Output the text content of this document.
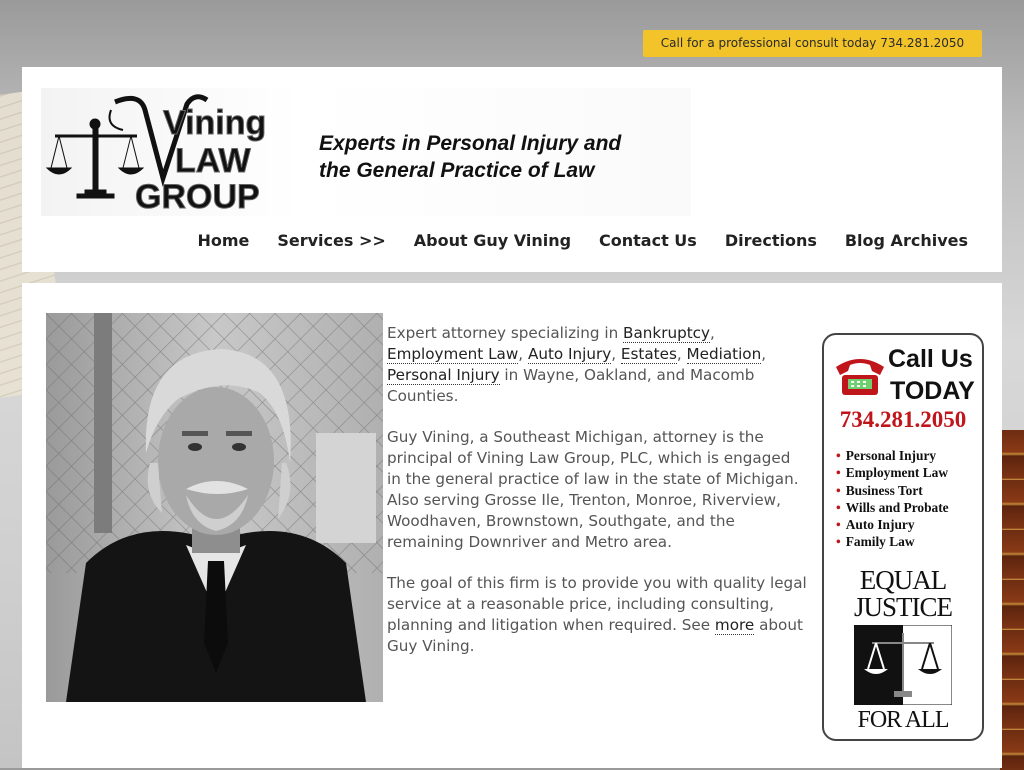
Call for a professional consult today 734.281.2050
Vining
LAW
GROUP
Experts in Personal Injury and
the General Practice of Law
Home Services >> About Guy Vining Contact Us Directions Blog Archives

Expert attorney specializing in Bankruptcy, Employment Law, Auto Injury, Estates, Mediation, Personal Injury in Wayne, Oakland, and Macomb Counties.

Guy Vining, a Southeast Michigan, attorney is the principal of Vining Law Group, PLC, which is engaged in the general practice of law in the state of Michigan. Also serving Grosse Ile, Trenton, Monroe, Riverview, Woodhaven, Brownstown, Southgate, and the remaining Downriver and Metro area.

The goal of this firm is to provide you with quality legal service at a reasonable price, including consulting, planning and litigation when required. See more about Guy Vining.

Call Us
TODAY
734.281.2050
• Personal Injury
• Employment Law
• Business Tort
• Wills and Probate
• Auto Injury
• Family Law
EQUAL
JUSTICE
FOR ALL
